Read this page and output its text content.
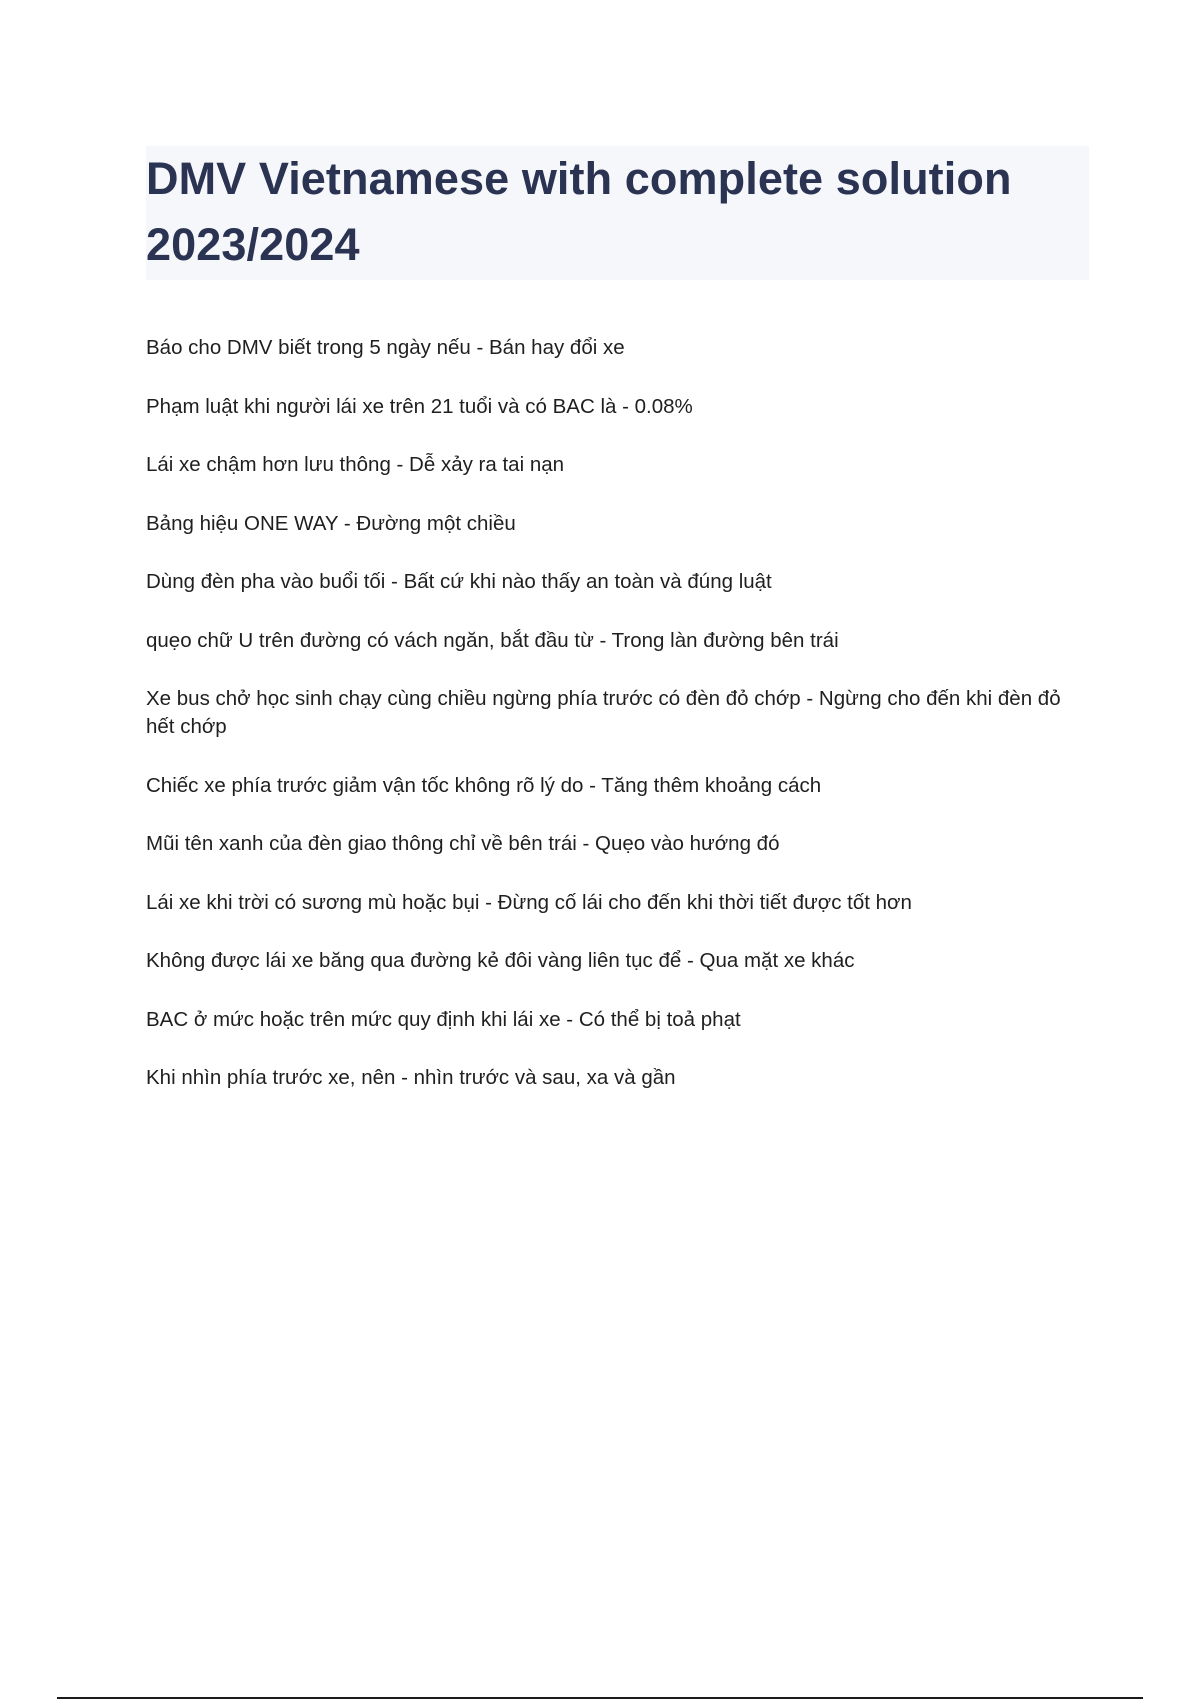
DMV Vietnamese with complete solution 2023/2024
Báo cho DMV biết trong 5 ngày nếu - Bán hay đổi xe
Phạm luật khi người lái xe trên 21 tuổi và có BAC là - 0.08%
Lái xe chậm hơn lưu thông - Dễ xảy ra tai nạn
Bảng hiệu ONE WAY - Đường một chiều
Dùng đèn pha vào buổi tối - Bất cứ khi nào thấy an toàn và đúng luật
quẹo chữ U trên đường có vách ngăn, bắt đầu từ - Trong làn đường bên trái
Xe bus chở học sinh chạy cùng chiều ngừng phía trước có đèn đỏ chớp - Ngừng cho đến khi đèn đỏ hết chớp
Chiếc xe phía trước giảm vận tốc không rõ lý do - Tăng thêm khoảng cách
Mũi tên xanh của đèn giao thông chỉ về bên trái - Quẹo vào hướng đó
Lái xe khi trời có sương mù hoặc bụi - Đừng cố lái cho đến khi thời tiết được tốt hơn
Không được lái xe băng qua đường kẻ đôi vàng liên tục để - Qua mặt xe khác
BAC ở mức hoặc trên mức quy định khi lái xe - Có thể bị toả phạt
Khi nhìn phía trước xe, nên - nhìn trước và sau, xa và gần
